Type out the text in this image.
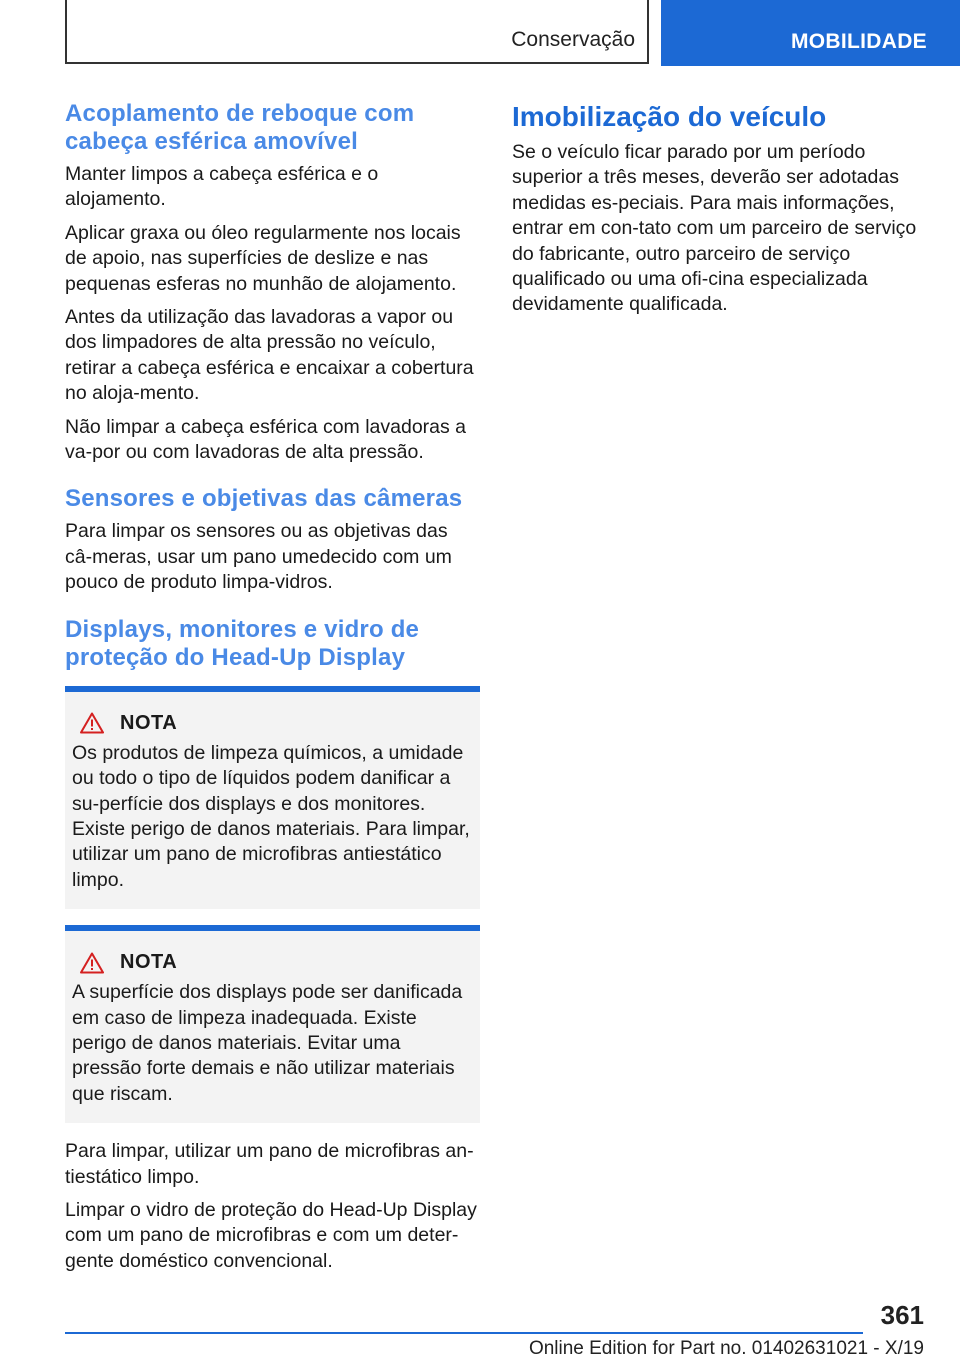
Conservação	MOBILIDADE
Acoplamento de reboque com cabeça esférica amovível

Manter limpos a cabeça esférica e o alojamento.

Aplicar graxa ou óleo regularmente nos locais de apoio, nas superfícies de deslize e nas pequenas esferas no munhão de alojamento.

Antes da utilização das lavadoras a vapor ou dos limpadores de alta pressão no veículo, retirar a cabeça esférica e encaixar a cobertura no aloja-mento.

Não limpar a cabeça esférica com lavadoras a va-por ou com lavadoras de alta pressão.

Sensores e objetivas das câmeras

Para limpar os sensores ou as objetivas das câ-meras, usar um pano umedecido com um pouco de produto limpa-vidros.

Displays, monitores e vidro de proteção do Head-Up Display
NOTA

Os produtos de limpeza químicos, a umidade ou todo o tipo de líquidos podem danificar a su-perfície dos displays e dos monitores. Existe perigo de danos materiais. Para limpar, utilizar um pano de microfibras antiestático limpo.

NOTA

A superfície dos displays pode ser danificada em caso de limpeza inadequada. Existe perigo de danos materiais. Evitar uma pressão forte demais e não utilizar materiais que riscam.

Para limpar, utilizar um pano de microfibras an-tiestático limpo.

Limpar o vidro de proteção do Head-Up Display com um pano de microfibras e com um deter-gente doméstico convencional.

Imobilização do veículo

Se o veículo ficar parado por um período superior a três meses, deverão ser adotadas medidas es-peciais. Para mais informações, entrar em con-tato com um parceiro de serviço do fabricante, outro parceiro de serviço qualificado ou uma ofi-cina especializada devidamente qualificada.

361
Online Edition for Part no. 01402631021 - X/19
